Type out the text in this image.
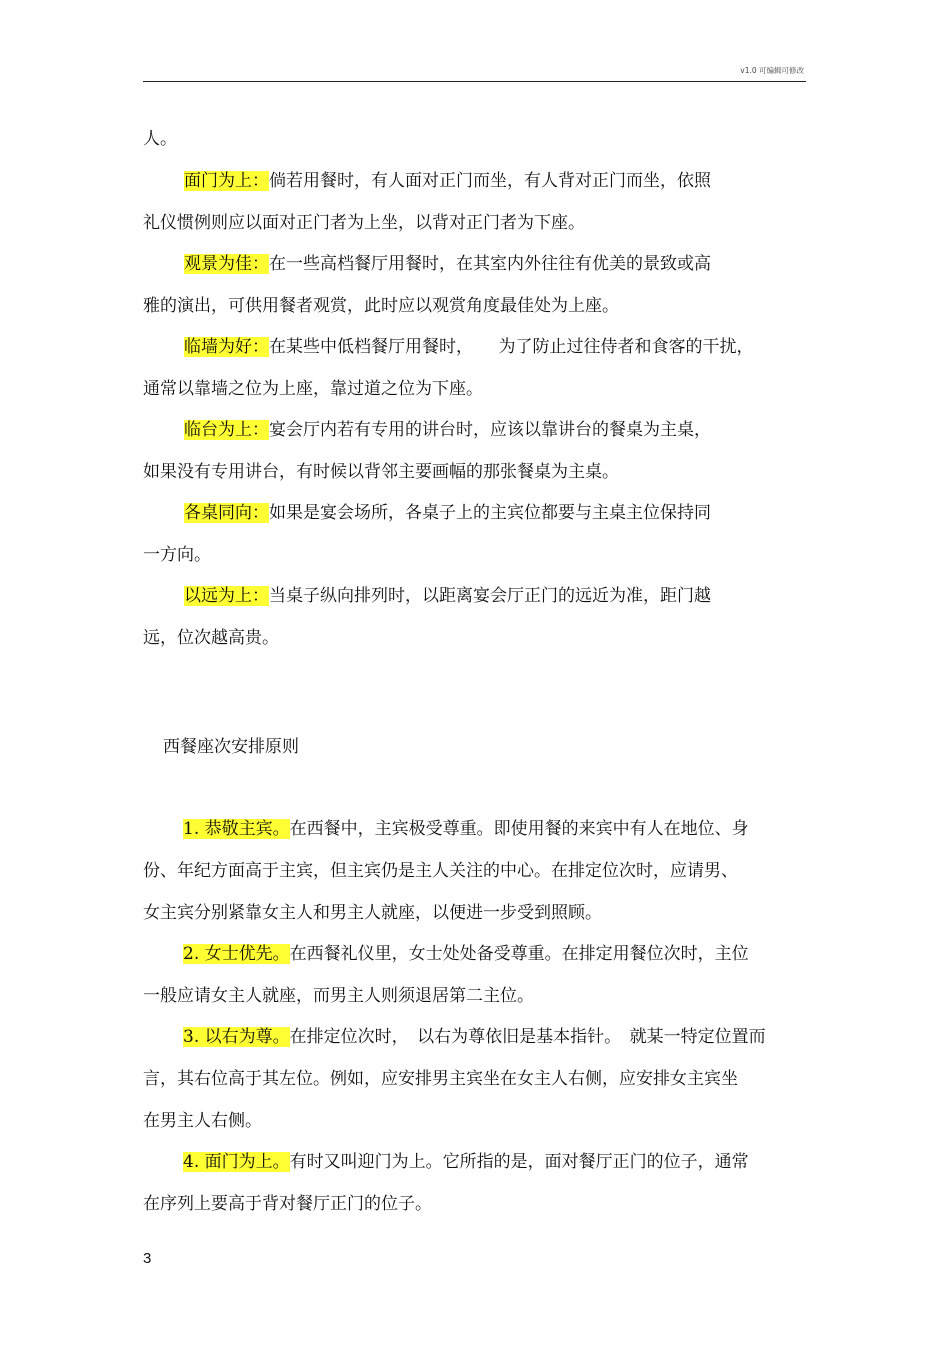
v1.0 可编辑可修改
人。
面门为上：倘若用餐时，有人面对正门而坐，有人背对正门而坐，依照
礼仪惯例则应以面对正门者为上坐，以背对正门者为下座。
观景为佳：在一些高档餐厅用餐时，在其室内外往往有优美的景致或高
雅的演出，可供用餐者观赏，此时应以观赏角度最佳处为上座。
临墙为好：在某些中低档餐厅用餐时，　　为了防止过往侍者和食客的干扰，
通常以靠墙之位为上座，靠过道之位为下座。
临台为上：宴会厅内若有专用的讲台时，应该以靠讲台的餐桌为主桌，
如果没有专用讲台，有时候以背邻主要画幅的那张餐桌为主桌。
各桌同向：如果是宴会场所，各桌子上的主宾位都要与主桌主位保持同
一方向。
以远为上：当桌子纵向排列时，以距离宴会厅正门的远近为准，距门越
远，位次越高贵。
西餐座次安排原则
1. 恭敬主宾。在西餐中，主宾极受尊重。即使用餐的来宾中有人在地位、身
份、年纪方面高于主宾，但主宾仍是主人关注的中心。在排定位次时，应请男、
女主宾分别紧靠女主人和男主人就座，以便进一步受到照顾。
2. 女士优先。在西餐礼仪里，女士处处备受尊重。在排定用餐位次时，主位
一般应请女主人就座，而男主人则须退居第二主位。
3. 以右为尊。在排定位次时，　以右为尊依旧是基本指针。　就某一特定位置而
言，其右位高于其左位。例如，应安排男主宾坐在女主人右侧，应安排女主宾坐
在男主人右侧。
4. 面门为上。有时又叫迎门为上。它所指的是，面对餐厅正门的位子，通常
在序列上要高于背对餐厅正门的位子。
3
